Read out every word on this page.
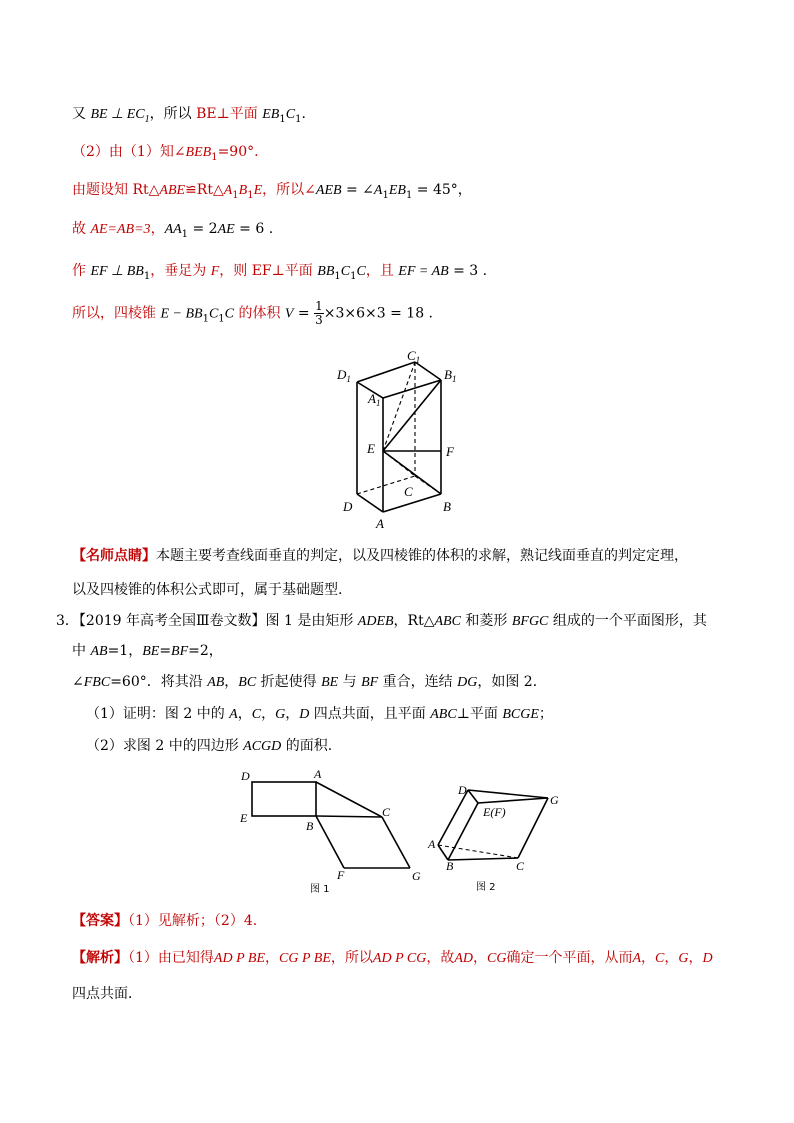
又 BE ⊥ $EC_1$，所以 BE⊥平面 $EB_1C_1$.
（2）由（1）知$\angle BEB_1=90^\circ$.
由题设知 $Rt\triangle ABE≌Rt\triangle A_1B_1E$，所以∠AEB = $\angle A_1EB_1 = 45^\circ$，
故 AE=AB=3，$AA_1 = 2AE = 6$ .
作 EF ⊥ $BB_1$，垂足为 F，则 EF⊥平面 $BB_1C_1C$，且 EF = AB = 3 .
所以，四棱锥 $E - BB_1C_1C$ 的体积 $V = \frac{1}{3} \times 3\times 6\times 3 = 18$ .
$C_1$
$D_1$	$B_1$
$A_1$
E	F
C
D	B
A
【名师点睛】本题主要考查线面垂直的判定，以及四棱锥的体积的求解，熟记线面垂直的判定定理，
以及四棱锥的体积公式即可，属于基础题型.
3．【2019 年高考全国Ⅲ卷文数】图 1 是由矩形 ADEB，Rt△ABC 和菱形 BFGC 组成的一个平面图形，其
中 AB=1，BE=BF=2，
∠FBC=60°．将其沿 AB，BC 折起使得 BE 与 BF 重合，连结 DG，如图 2．
（1）证明：图 2 中的 A，C，G，D 四点共面，且平面 ABC⊥平面 BCGE；
（2）求图 2 中的四边形 ACGD 的面积.
D	A
E
B
C
F	G
图 1
D
G
E(F)
A
B	C
图 2
【答案】（1）见解析；（2）4.
【解析】（1）由已知得AD P BE，CG P BE，所以AD P CG，故AD，CG确定一个平面，从而A，C，G，D
四点共面．
